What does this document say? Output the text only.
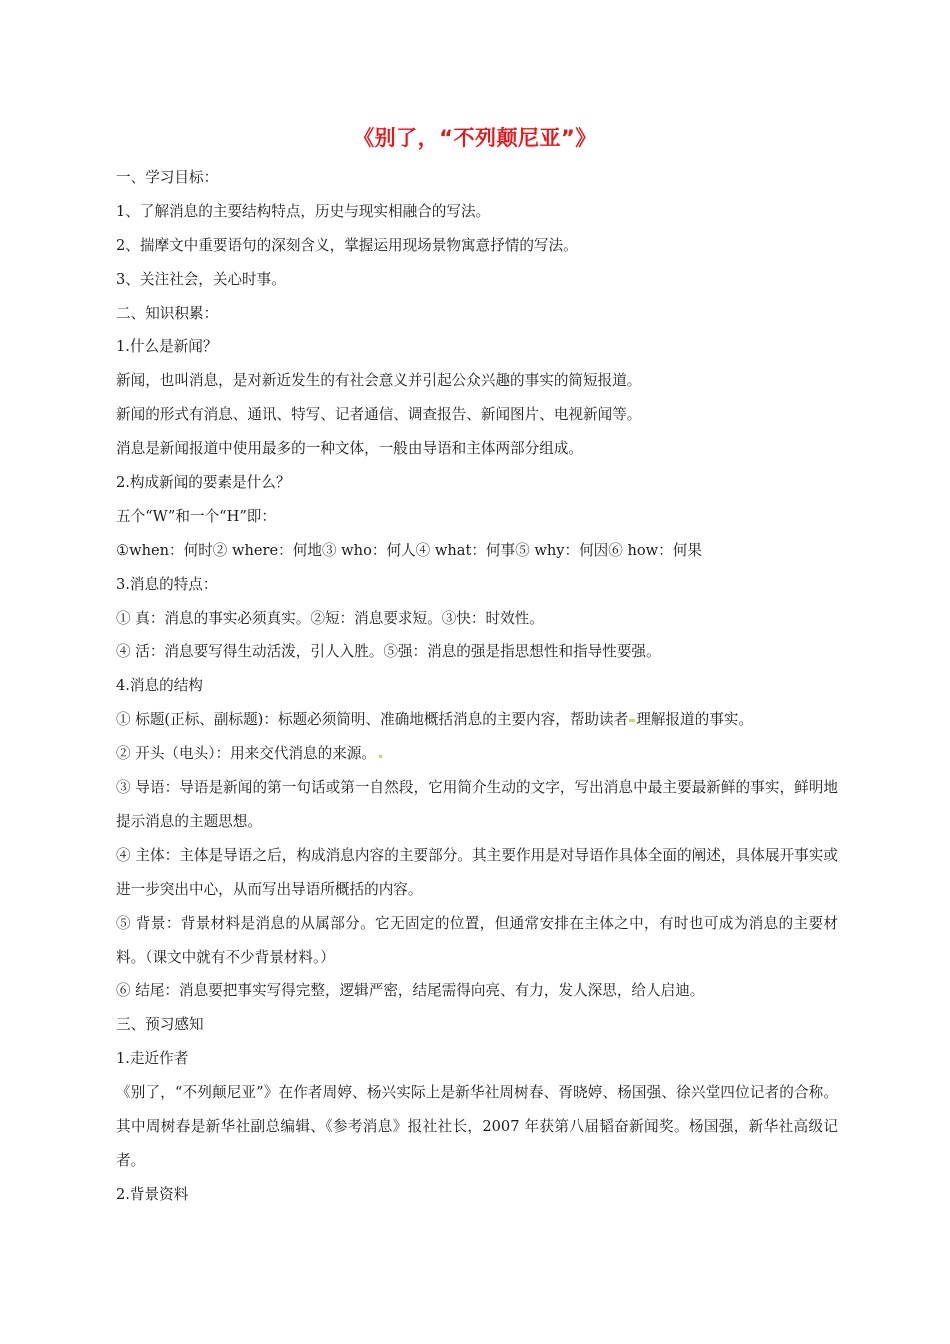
《别了，“不列颠尼亚”》
一、学习目标：
1、了解消息的主要结构特点，历史与现实相融合的写法。
2、揣摩文中重要语句的深刻含义，掌握运用现场景物寓意抒情的写法。
3、关注社会，关心时事。
二、知识积累：
1.什么是新闻？
新闻，也叫消息，是对新近发生的有社会意义并引起公众兴趣的事实的简短报道。
新闻的形式有消息、通讯、特写、记者通信、调查报告、新闻图片、电视新闻等。
消息是新闻报道中使用最多的一种文体，一般由导语和主体两部分组成。
2.构成新闻的要素是什么？
五个“W”和一个“H”即：
①when：何时② where：何地③ who：何人④ what：何事⑤ why：何因⑥ how：何果
3.消息的特点：
① 真：消息的事实必须真实。②短：消息要求短。③快：时效性。
④ 活：消息要写得生动活泼，引人入胜。⑤强：消息的强是指思想性和指导性要强。
4.消息的结构
① 标题(正标、副标题)：标题必须简明、准确地概括消息的主要内容，帮助读者 理解报道的事实。
② 开头（电头）：用来交代消息的来源。
③ 导语：导语是新闻的第一句话或第一自然段，它用简介生动的文字，写出消息中最主要最新鲜的事实，鲜明地提示消息的主题思想。
④ 主体：主体是导语之后，构成消息内容的主要部分。其主要作用是对导语作具体全面的阐述，具体展开事实或进一步突出中心，从而写出导语所概括的内容。
⑤ 背景：背景材料是消息的从属部分。它无固定的位置，但通常安排在主体之中，有时也可成为消息的主要材料。（课文中就有不少背景材料。）
⑥ 结尾：消息要把事实写得完整，逻辑严密，结尾需得向亮、有力，发人深思，给人启迪。
三、预习感知
1.走近作者
《别了，“不列颠尼亚”》在作者周婷、杨兴实际上是新华社周树春、胥晓婷、杨国强、徐兴堂四位记者的合称。其中周树春是新华社副总编辑、《参考消息》报社社长，2007 年获第八届韬奋新闻奖。杨国强，新华社高级记者。
2.背景资料
